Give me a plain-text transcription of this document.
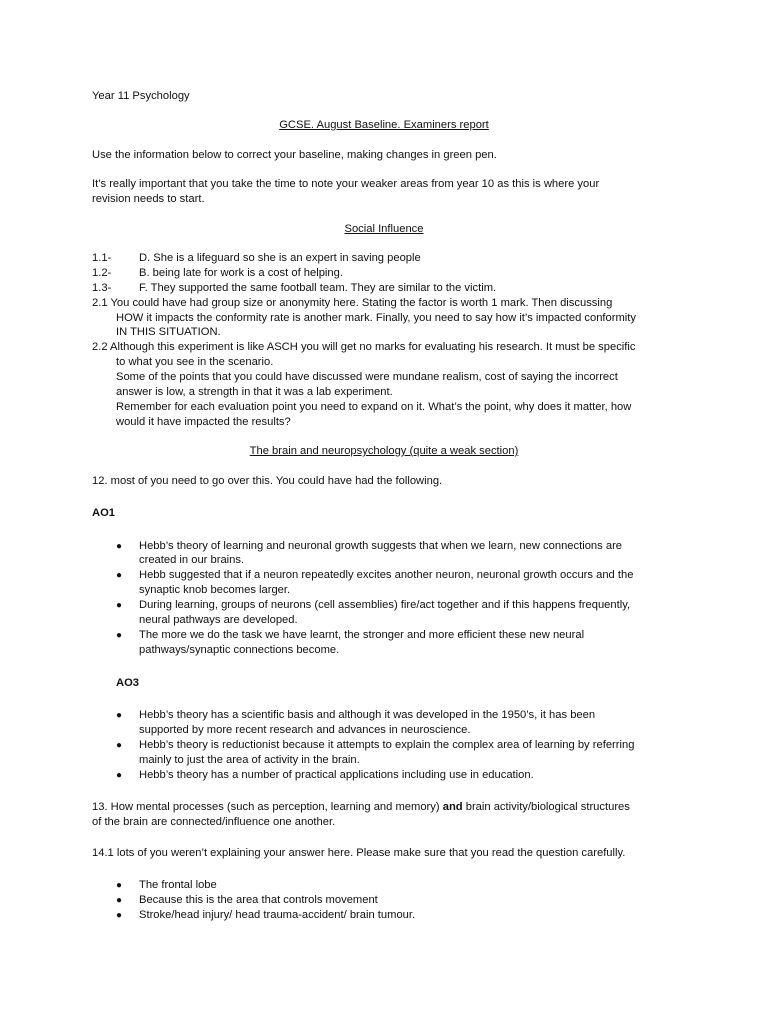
Year 11 Psychology
GCSE. August Baseline. Examiners report
Use the information below to correct your baseline, making changes in green pen.
It’s really important that you take the time to note your weaker areas from year 10 as this is where your
revision needs to start.
Social Influence
1.1- D. She is a lifeguard so she is an expert in saving people
1.2- B. being late for work is a cost of helping.
1.3- F. They supported the same football team. They are similar to the victim.
2.1 You could have had group size or anonymity here. Stating the factor is worth 1 mark. Then discussing
HOW it impacts the conformity rate is another mark. Finally, you need to say how it’s impacted conformity
IN THIS SITUATION.
2.2 Although this experiment is like ASCH you will get no marks for evaluating his research. It must be specific
to what you see in the scenario.
Some of the points that you could have discussed were mundane realism, cost of saying the incorrect
answer is low, a strength in that it was a lab experiment.
Remember for each evaluation point you need to expand on it. What’s the point, why does it matter, how
would it have impacted the results?
The brain and neuropsychology (quite a weak section)
12. most of you need to go over this. You could have had the following.
AO1
● Hebb’s theory of learning and neuronal growth suggests that when we learn, new connections are
created in our brains.
● Hebb suggested that if a neuron repeatedly excites another neuron, neuronal growth occurs and the
synaptic knob becomes larger.
● During learning, groups of neurons (cell assemblies) fire/act together and if this happens frequently,
neural pathways are developed.
● The more we do the task we have learnt, the stronger and more efficient these new neural
pathways/synaptic connections become.
AO3
● Hebb’s theory has a scientific basis and although it was developed in the 1950’s, it has been
supported by more recent research and advances in neuroscience.
● Hebb’s theory is reductionist because it attempts to explain the complex area of learning by referring
mainly to just the area of activity in the brain.
● Hebb’s theory has a number of practical applications including use in education.
13. How mental processes (such as perception, learning and memory) and brain activity/biological structures
of the brain are connected/influence one another.
14.1 lots of you weren’t explaining your answer here. Please make sure that you read the question carefully.
● The frontal lobe
● Because this is the area that controls movement
● Stroke/head injury/ head trauma-accident/ brain tumour.
